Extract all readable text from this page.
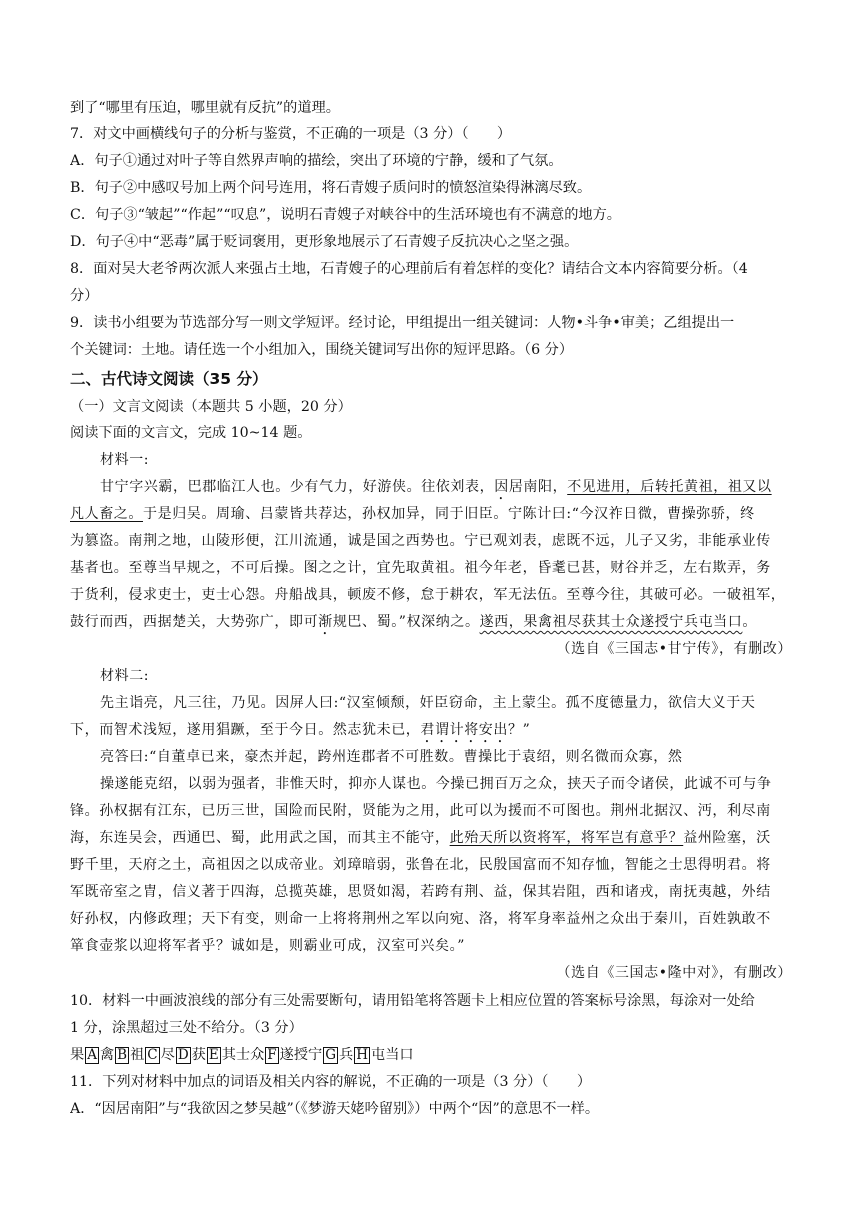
到了“哪里有压迫，哪里就有反抗”的道理。
7．对文中画横线句子的分析与鉴赏，不正确的一项是（3 分）（　　）
A．句子①通过对叶子等自然界声响的描绘，突出了环境的宁静，缓和了气氛。
B．句子②中感叹号加上两个问号连用，将石青嫂子质问时的愤怒渲染得淋漓尽致。
C．句子③“皱起”“作起”“叹息”，说明石青嫂子对峡谷中的生活环境也有不满意的地方。
D．句子④中“恶毒”属于贬词褒用，更形象地展示了石青嫂子反抗决心之坚之强。
8．面对吴大老爷两次派人来强占土地，石青嫂子的心理前后有着怎样的变化？请结合文本内容简要分析。（4
分）
9．读书小组要为节选部分写一则文学短评。经讨论，甲组提出一组关键词：人物•斗争•审美；乙组提出一
个关键词：土地。请任选一个小组加入，围绕关键词写出你的短评思路。（6 分）
二、古代诗文阅读（35 分）
（一）文言文阅读（本题共 5 小题，20 分）
阅读下面的文言文，完成 10~14 题。
材料一:
甘宁字兴霸，巴郡临江人也。少有气力，好游侠。往依刘表，因居南阳，不见进用，后转托黄祖，祖又以
凡人畜之。于是归吴。周瑜、吕蒙皆共荐达，孙权加异，同于旧臣。宁陈计曰:“今汉祚日微，曹操弥骄，终
为篡盗。南荆之地，山陵形便，江川流通，诚是国之西势也。宁已观刘表，虑既不远，儿子又劣，非能承业传
基者也。至尊当早规之，不可后操。图之之计，宜先取黄祖。祖今年老，昏耄已甚，财谷并乏，左右欺弄，务
于货利，侵求吏士，吏士心怨。舟船战具，顿废不修，怠于耕农，军无法伍。至尊今往，其破可必。一破祖军，
鼓行而西，西据楚关，大势弥广，即可渐规巴、蜀。”权深纳之。遂西，果禽祖尽获其士众遂授宁兵屯当口。
（选自《三国志•甘宁传》，有删改）
材料二:
先主诣亮，凡三往，乃见。因屏人曰:“汉室倾颓，奸臣窃命，主上蒙尘。孤不度德量力，欲信大义于天
下，而智术浅短，遂用猖蹶，至于今日。然志犹未已，君谓计将安出？”
亮答曰:“自董卓已来，豪杰并起，跨州连郡者不可胜数。曹操比于袁绍，则名微而众寡，然
操遂能克绍，以弱为强者，非惟天时，抑亦人谋也。今操已拥百万之众，挟天子而令诸侯，此诚不可与争
锋。孙权据有江东，已历三世，国险而民附，贤能为之用，此可以为援而不可图也。荆州北据汉、沔，利尽南
海，东连吴会，西通巴、蜀，此用武之国，而其主不能守，此殆天所以资将军，将军岂有意乎？益州险塞，沃
野千里，天府之土，高祖因之以成帝业。刘璋暗弱，张鲁在北，民殷国富而不知存恤，智能之士思得明君。将
军既帝室之胄，信义著于四海，总揽英雄，思贤如渴，若跨有荆、益，保其岩阻，西和诸戎，南抚夷越，外结
好孙权，内修政理；天下有变，则命一上将将荆州之军以向宛、洛，将军身率益州之众出于秦川，百姓孰敢不
箪食壶浆以迎将军者乎？诚如是，则霸业可成，汉室可兴矣。”
（选自《三国志•隆中对》，有删改）
10．材料一中画波浪线的部分有三处需要断句，请用铅笔将答题卡上相应位置的答案标号涂黑，每涂对一处给
1 分，涂黑超过三处不给分。（3 分）
果 A 禽 B 祖 C 尽 D 获 E 其士众 F 遂授宁 G 兵 H 屯当口
11．下列对材料中加点的词语及相关内容的解说，不正确的一项是（3 分）（　　）
A．“因居南阳”与“我欲因之梦吴越”（《梦游天姥吟留别》）中两个“因”的意思不一样。
